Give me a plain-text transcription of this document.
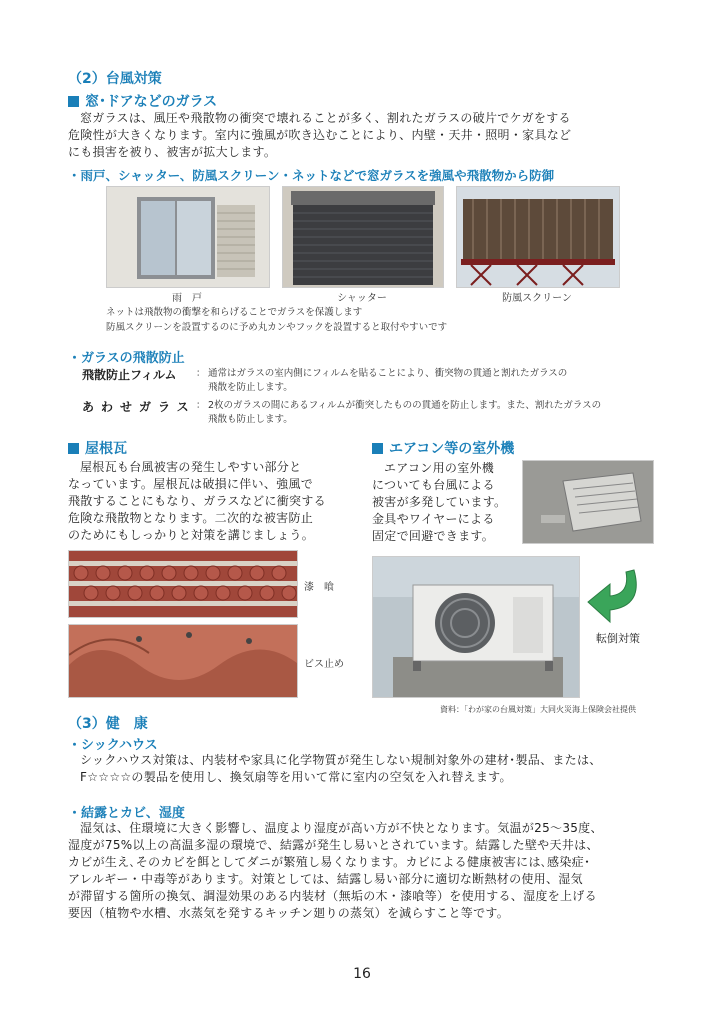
（2）台風対策
窓･ドアなどのガラス
窓ガラスは、風圧や飛散物の衝突で壊れることが多く、割れたガラスの破片でケガをする
危険性が大きくなります。室内に強風が吹き込むことにより、内壁・天井・照明・家具など
にも損害を被り、被害が拡大します。
・雨戸、シャッター、防風スクリーン・ネットなどで窓ガラスを強風や飛散物から防御
雨　戸	シャッター	防風スクリーン
ネットは飛散物の衝撃を和らげることでガラスを保護します
防風スクリーンを設置するのに予め丸カンやフックを設置すると取付やすいです
・ガラスの飛散防止
飛散防止フィルム ： 通常はガラスの室内側にフィルムを貼ることにより、衝突物の貫通と割れたガラスの
飛散を防止します。
あわせガラス ： 2枚のガラスの間にあるフィルムが衝突したものの貫通を防止します。また、割れたガラスの
飛散も防止します。
屋根瓦
屋根瓦も台風被害の発生しやすい部分と
なっています。屋根瓦は破損に伴い、強風で
飛散することにもなり、ガラスなどに衝突する
危険な飛散物となります。二次的な被害防止
のためにもしっかりと対策を講じましょう。
漆　喰
ビス止め
エアコン等の室外機
エアコン用の室外機
についても台風による
被害が多発しています。
金具やワイヤーによる
固定で回避できます。
転倒対策
資料：「わが家の台風対策」大同火災海上保険会社提供
（3）健　康
・シックハウス
シックハウス対策は、内装材や家具に化学物質が発生しない規制対象外の建材･製品、または、
F☆☆☆☆の製品を使用し、換気扇等を用いて常に室内の空気を入れ替えます。
・結露とカビ、湿度
湿気は、住環境に大きく影響し、温度より湿度が高い方が不快となります。気温が25～35度、
湿度が75%以上の高温多湿の環境で、結露が発生し易いとされています。結露した壁や天井は、
カビが生え､そのカビを餌としてダニが繁殖し易くなります。カビによる健康被害には､感染症･
アレルギー・中毒等があります。対策としては、結露し易い部分に適切な断熱材の使用、湿気
が滞留する箇所の換気、調湿効果のある内装材（無垢の木・漆喰等）を使用する、湿度を上げる
要因（植物や水槽、水蒸気を発するキッチン廻りの蒸気）を減らすこと等です。
16
